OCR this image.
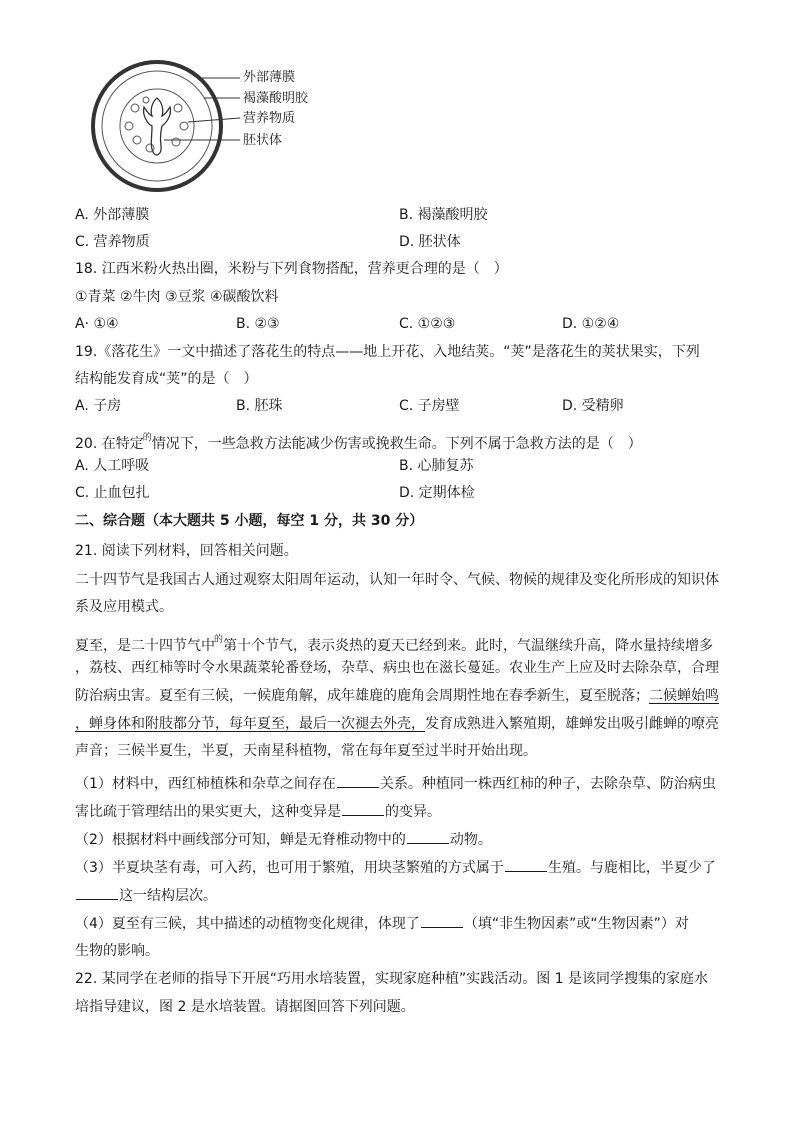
外部薄膜
褐藻酸明胶
营养物质
胚状体
A. 外部薄膜	B. 褐藻酸明胶
C. 营养物质	D. 胚状体
18. 江西米粉火热出圈，米粉与下列食物搭配，营养更合理的是（　）
①青菜 ②牛肉 ③豆浆 ④碳酸饮料
A· ①④	B. ②③	C. ①②③	D. ①②④
19.《落花生》一文中描述了落花生的特点——地上开花、入地结荚。“荚”是落花生的荚状果实，下列
结构能发育成“荚”的是（　）
A. 子房	B. 胚珠	C. 子房壁	D. 受精卵
20. 在特定$^的$情况下，一些急救方法能减少伤害或挽救生命。下列不属于急救方法的是（　）
A. 人工呼吸	B. 心肺复苏
C. 止血包扎	D. 定期体检
二、综合题（本大题共 5 小题，每空 1 分，共 30 分）
21. 阅读下列材料，回答相关问题。
二十四节气是我国古人通过观察太阳周年运动，认知一年时令、气候、物候的规律及变化所形成的知识体
系及应用模式。
夏至，是二十四节气中$^的$第十个节气，表示炎热的夏天已经到来。此时，气温继续升高，降水量持续增多
，荔枝、西红柿等时令水果蔬菜轮番登场，杂草、病虫也在滋长蔓延。农业生产上应及时去除杂草，合理
防治病虫害。夏至有三候，一候鹿角解，成年雄鹿的鹿角会周期性地在春季新生，夏至脱落；二候蝉始鸣
，蝉身体和附肢都分节，每年夏至，最后一次褪去外壳，发育成熟进入繁殖期，雄蝉发出吸引雌蝉的嘹亮
声音；三候半夏生，半夏，天南星科植物，常在每年夏至过半时开始出现。
（1）材料中，西红柿植株和杂草之间存在	关系。种植同一株西红柿的种子，去除杂草、防治病虫
害比疏于管理结出的果实更大，这种变异是	的变异。
（2）根据材料中画线部分可知，蝉是无脊椎动物中的	动物。
（3）半夏块茎有毒，可入药，也可用于繁殖，用块茎繁殖的方式属于	生殖。与鹿相比，半夏少了
这一结构层次。
（4）夏至有三候，其中描述的动植物变化规律，体现了	（填“非生物因素”或“生物因素”）对
生物的影响。
22. 某同学在老师的指导下开展“巧用水培装置，实现家庭种植”实践活动。图 1 是该同学搜集的家庭水
培指导建议，图 2 是水培装置。请据图回答下列问题。
